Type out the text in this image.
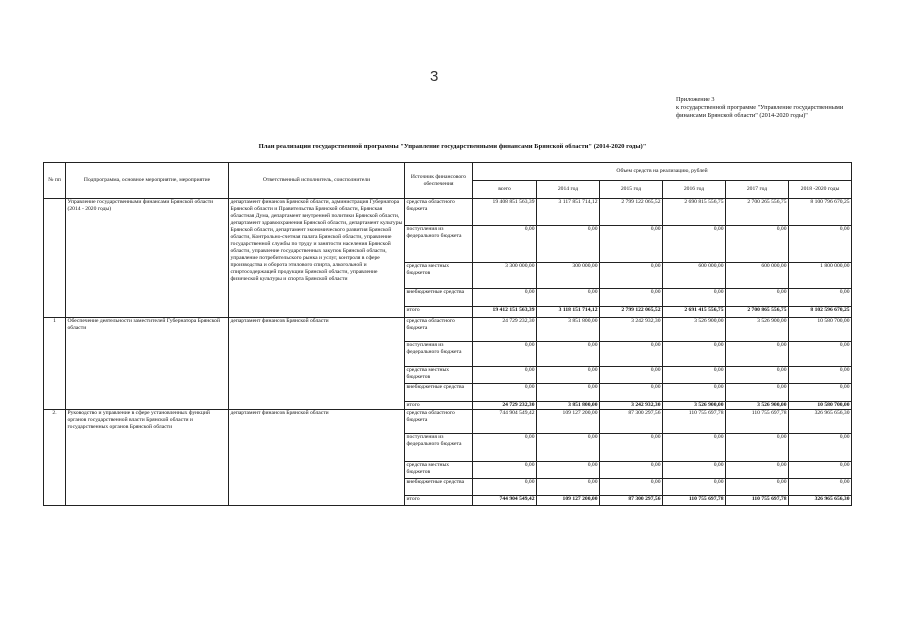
3
Приложение 3
к государственной программе "Управление государственными финансами Брянской области" (2014-2020 годы)"
План реализации государственной программы "Управление государственными финансами Брянской области" (2014-2020 годы)"
№ пп	Подпрограмма, основное мероприятие, мероприятие	Ответственный исполнитель, соисполнители	Источник финансового обеспечения	Объем средств на реализацию, рублей					
				всего	2014 год	2015 год	2016 год	2017 год	2018 -2020 годы
	Управление государственными финансами Брянской области (2014 - 2020 годы)	департамент финансов Брянской области, администрация Губернатора Брянской области и Правительства Брянской области, Брянская областная Дума, департамент внутренней политики Брянской области, департамент здравоохранения Брянской области, департамент культуры Брянской области, департамент экономического развития Брянской области, Контрольно-счетная палата Брянской области, управление государственной службы по труду и занятости населения Брянской области, управление государственных закупок Брянской области, управление потребительского рынка и услуг, контроля в сфере производства и оборота этилового спирта, алкогольной и спиртосодержащей продукции Брянской области, управление физической культуры и спорта Брянской области	средства областного бюджета	19 408 851 563,39	3 117 851 714,12	2 799 122 065,52	2 690 815 556,75	2 700 265 556,75	8 100 796 670,25
			поступления из федерального бюджета	0,00	0,00	0,00	0,00	0,00	0,00
			средства местных бюджетов	3 300 000,00	300 000,00	0,00	600 000,00	600 000,00	1 800 000,00
			внебюджетные средства	0,00	0,00	0,00	0,00	0,00	0,00
			итого	19 412 151 563,39	3 118 151 714,12	2 799 122 065,52	2 691 415 556,75	2 700 865 556,75	8 102 596 670,25
1	Обеспечение деятельности заместителей Губернатора Брянской области	департамент финансов Брянской области	средства областного бюджета	24 729 232,30	3 851 800,00	3 242 932,30	3 526 900,00	3 526 900,00	10 580 700,00
			поступления из федерального бюджета	0,00	0,00	0,00	0,00	0,00	0,00
			средства местных бюджетов	0,00	0,00	0,00	0,00	0,00	0,00
			внебюджетные средства	0,00	0,00	0,00	0,00	0,00	0,00
			итого	24 729 232,30	3 851 800,00	3 242 932,30	3 526 900,00	3 526 900,00	10 580 700,00
2.	Руководство и управление в сфере установленных функций органов государственной власти Брянской области и государственных органов Брянской области	департамент финансов Брянской области	средства областного бюджета	744 904 549,42	109 127 200,00	87 300 297,56	110 755 697,78	110 755 697,78	326 965 656,30
			поступления из федерального бюджета	0,00	0,00	0,00	0,00	0,00	0,00
			средства местных бюджетов	0,00	0,00	0,00	0,00	0,00	0,00
			внебюджетные средства	0,00	0,00	0,00	0,00	0,00	0,00
			итого	744 904 549,42	109 127 200,00	87 300 297,56	110 755 697,78	110 755 697,78	326 965 656,30
